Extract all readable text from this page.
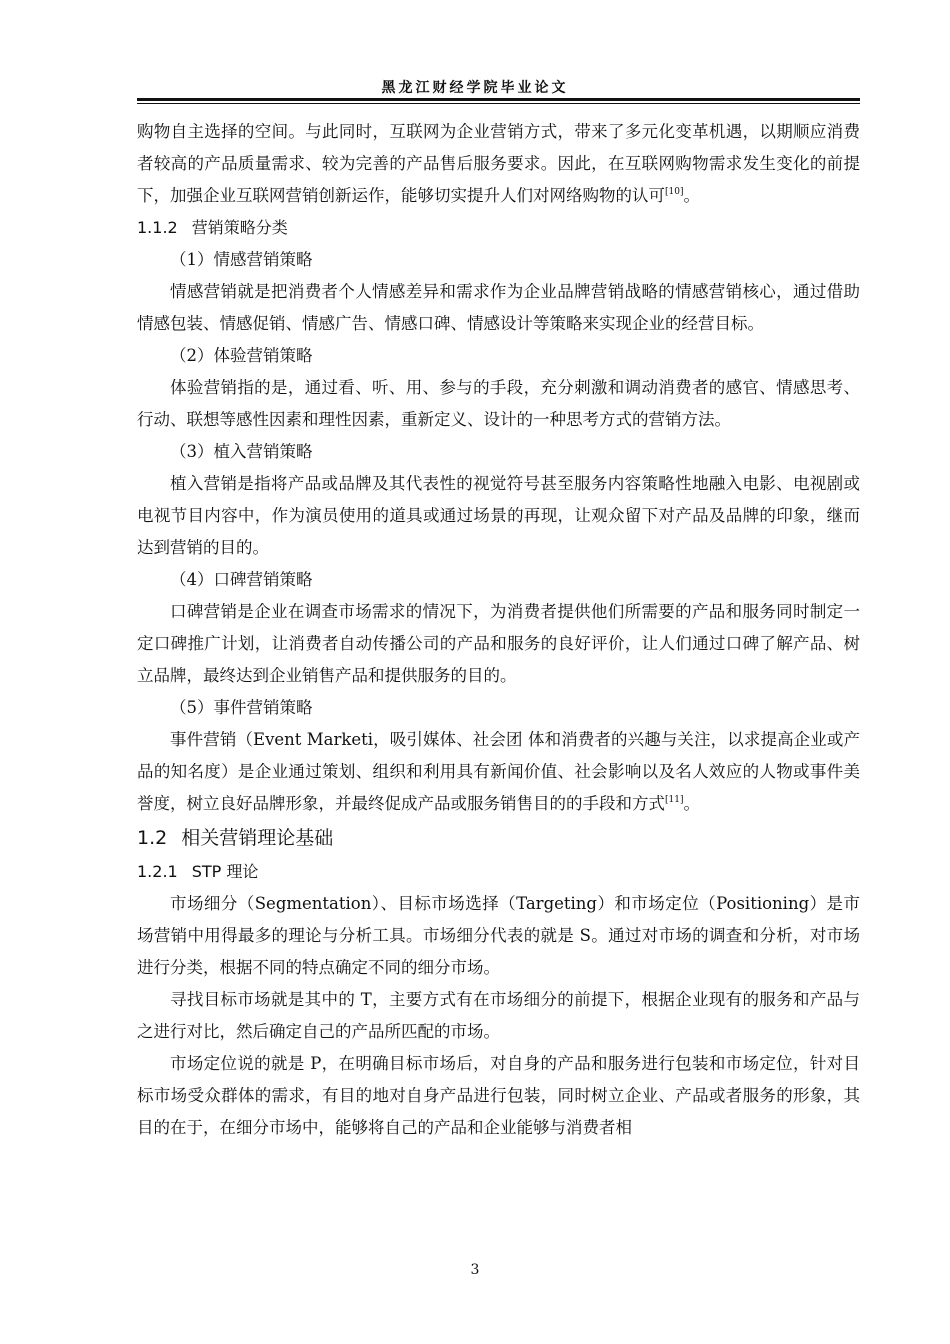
黑龙江财经学院毕业论文

购物自主选择的空间。与此同时，互联网为企业营销方式，带来了多元化变革机遇，以期顺应消费者较高的产品质量需求、较为完善的产品售后服务要求。因此，在互联网购物需求发生变化的前提下，加强企业互联网营销创新运作，能够切实提升人们对网络购物的认可[10]。

1.1.2 营销策略分类

（1）情感营销策略

情感营销就是把消费者个人情感差异和需求作为企业品牌营销战略的情感营销核心，通过借助情感包装、情感促销、情感广告、情感口碑、情感设计等策略来实现企业的经营目标。

（2）体验营销策略

体验营销指的是，通过看、听、用、参与的手段，充分刺激和调动消费者的感官、情感思考、行动、联想等感性因素和理性因素，重新定义、设计的一种思考方式的营销方法。

（3）植入营销策略

植入营销是指将产品或品牌及其代表性的视觉符号甚至服务内容策略性地融入电影、电视剧或电视节目内容中，作为演员使用的道具或通过场景的再现，让观众留下对产品及品牌的印象，继而达到营销的目的。

（4）口碑营销策略

口碑营销是企业在调查市场需求的情况下，为消费者提供他们所需要的产品和服务同时制定一定口碑推广计划，让消费者自动传播公司的产品和服务的良好评价，让人们通过口碑了解产品、树立品牌，最终达到企业销售产品和提供服务的目的。

（5）事件营销策略

事件营销（Event Marketi，吸引媒体、社会团 体和消费者的兴趣与关注，以求提高企业或产品的知名度）是企业通过策划、组织和利用具有新闻价值、社会影响以及名人效应的人物或事件美誉度，树立良好品牌形象，并最终促成产品或服务销售目的的手段和方式[11]。

1.2 相关营销理论基础

1.2.1 STP 理论

市场细分（Segmentation）、目标市场选择（Targeting）和市场定位（Positioning）是市场营销中用得最多的理论与分析工具。市场细分代表的就是 S。通过对市场的调查和分析，对市场进行分类，根据不同的特点确定不同的细分市场。

寻找目标市场就是其中的 T，主要方式有在市场细分的前提下，根据企业现有的服务和产品与之进行对比，然后确定自己的产品所匹配的市场。

市场定位说的就是 P，在明确目标市场后，对自身的产品和服务进行包装和市场定位，针对目标市场受众群体的需求，有目的地对自身产品进行包装，同时树立企业、产品或者服务的形象，其目的在于，在细分市场中，能够将自己的产品和企业能够与消费者相

3
